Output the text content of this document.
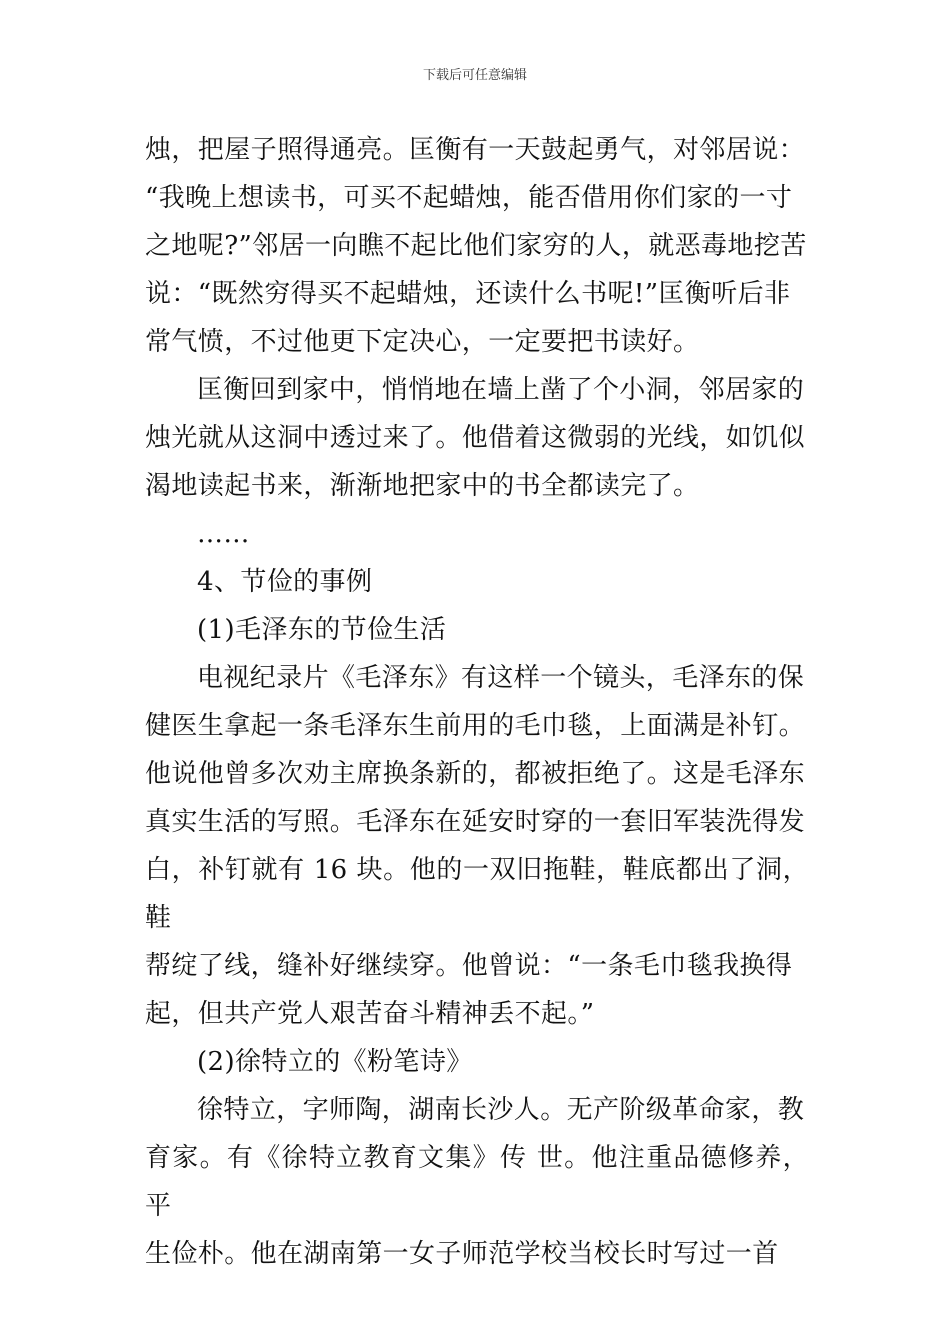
下载后可任意编辑

烛，把屋子照得通亮。匡衡有一天鼓起勇气，对邻居说：
“我晚上想读书，可买不起蜡烛，能否借用你们家的一寸
之地呢?”邻居一向瞧不起比他们家穷的人，就恶毒地挖苦
说：“既然穷得买不起蜡烛，还读什么书呢!”匡衡听后非
常气愤，不过他更下定决心，一定要把书读好。

匡衡回到家中，悄悄地在墙上凿了个小洞，邻居家的
烛光就从这洞中透过来了。他借着这微弱的光线，如饥似
渴地读起书来，渐渐地把家中的书全都读完了。

……

4、节俭的事例

(1)毛泽东的节俭生活

电视纪录片《毛泽东》有这样一个镜头，毛泽东的保
健医生拿起一条毛泽东生前用的毛巾毯，上面满是补钉。
他说他曾多次劝主席换条新的，都被拒绝了。这是毛泽东
真实生活的写照。毛泽东在延安时穿的一套旧军装洗得发
白，补钉就有 16 块。他的一双旧拖鞋，鞋底都出了洞，鞋
帮绽了线，缝补好继续穿。他曾说：“一条毛巾毯我换得
起，但共产党人艰苦奋斗精神丢不起。”

(2)徐特立的《粉笔诗》

徐特立，字师陶，湖南长沙人。无产阶级革命家，教
育家。有《徐特立教育文集》传 世。他注重品德修养，平
生俭朴。他在湖南第一女子师范学校当校长时写过一首
